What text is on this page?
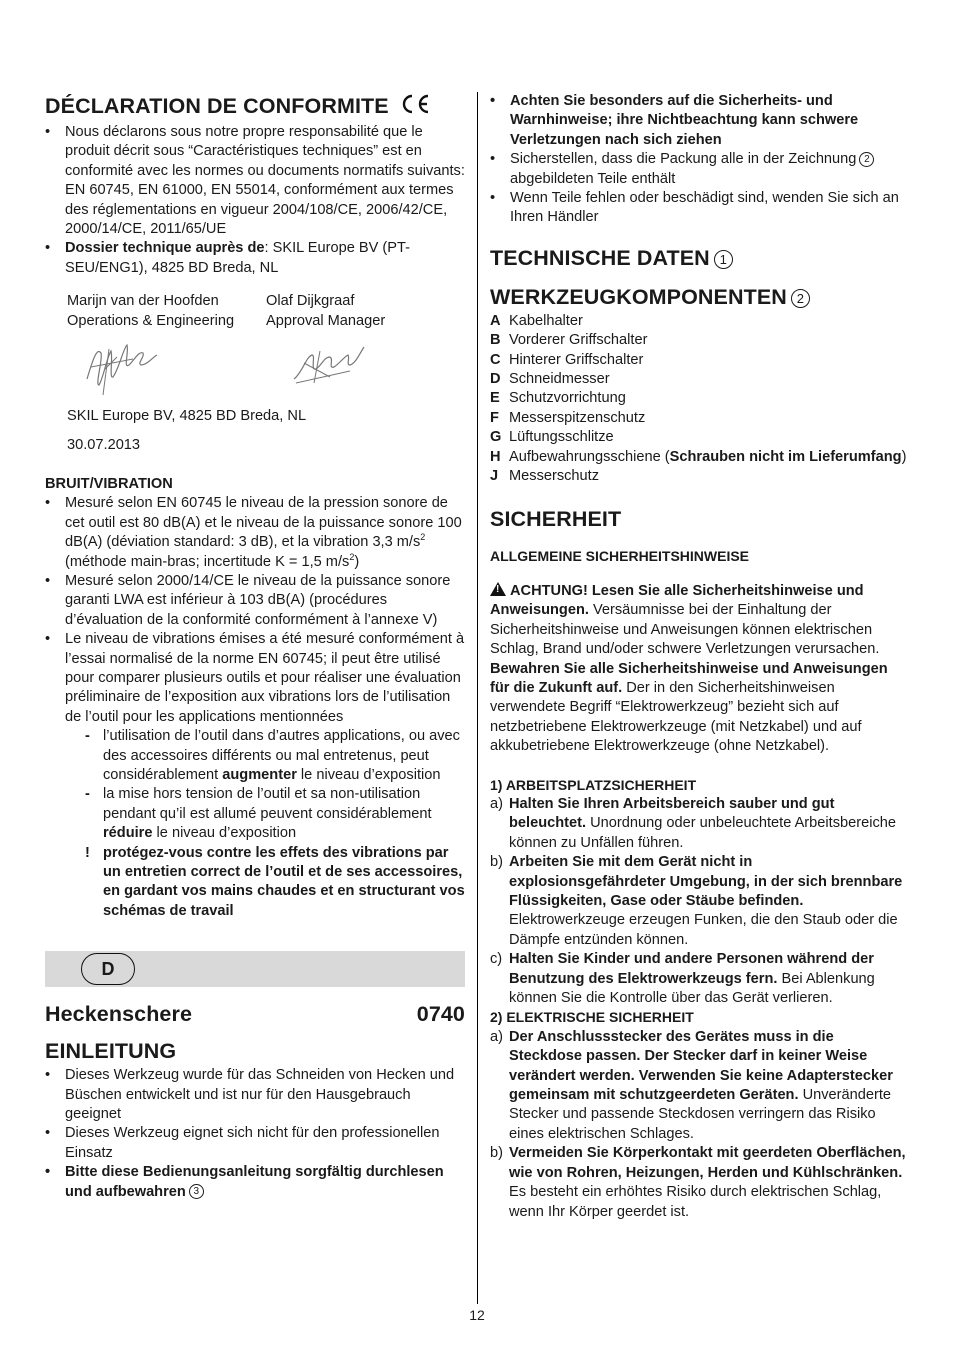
DÉCLARATION DE CONFORMITE
• Nous déclarons sous notre propre responsabilité que le produit décrit sous “Caractéristiques techniques” est en conformité avec les normes ou documents normatifs suivants: EN 60745, EN 61000, EN 55014, conformément aux termes des réglementations en vigueur 2004/108/CE, 2006/42/CE, 2000/14/CE, 2011/65/UE
• Dossier technique auprès de: SKIL Europe BV (PT-SEU/ENG1), 4825 BD Breda, NL

Marijn van der Hoofden

Operations & Engineering

Olaf Dijkgraaf

Approval Manager

SKIL Europe BV, 4825 BD Breda, NL

30.07.2013

BRUIT/VIBRATION
• Mesuré selon EN 60745 le niveau de la pression sonore de cet outil est 80 dB(A) et le niveau de la puissance sonore 100 dB(A) (déviation standard: 3 dB), et la vibration 3,3 $m/s^2$ (méthode main-bras; incertitude K = 1,5 $m/s^2$)
• Mesuré selon 2000/14/CE le niveau de la puissance sonore garanti LWA est inférieur à 103 dB(A) (procédures d’évaluation de la conformité conformément à l’annexe V)
• Le niveau de vibrations émises a été mesuré conformément à l’essai normalisé de la norme EN 60745; il peut être utilisé pour comparer plusieurs outils et pour réaliser une évaluation préliminaire de l’exposition aux vibrations lors de l’utilisation de l’outil pour les applications mentionnées
- l’utilisation de l’outil dans d’autres applications, ou avec des accessoires différents ou mal entretenus, peut considérablement augmenter le niveau d’exposition
- la mise hors tension de l’outil et sa non-utilisation pendant qu’il est allumé peuvent considérablement réduire le niveau d’exposition
! protégez-vous contre les effets des vibrations par un entretien correct de l’outil et de ses accessoires, en gardant vos mains chaudes et en structurant vos schémas de travail
D
Heckenschere	0740
EINLEITUNG
• Dieses Werkzeug wurde für das Schneiden von Hecken und Büschen entwickelt und ist nur für den Hausgebrauch geeignet
• Dieses Werkzeug eignet sich nicht für den professionellen Einsatz
• Bitte diese Bedienungsanleitung sorgfältig durchlesen und aufbewahren 3
• Achten Sie besonders auf die Sicherheits- und Warnhinweise; ihre Nichtbeachtung kann schwere Verletzungen nach sich ziehen
• Sicherstellen, dass die Packung alle in der Zeichnung 2 abgebildeten Teile enthält
• Wenn Teile fehlen oder beschädigt sind, wenden Sie sich an Ihren Händler
TECHNISCHE DATEN 1
WERKZEUGKOMPONENTEN 2
A Kabelhalter
B Vorderer Griffschalter
C Hinterer Griffschalter
D Schneidmesser
E Schutzvorrichtung
F Messerspitzenschutz
G Lüftungsschlitze
H Aufbewahrungsschiene (Schrauben nicht im Lieferumfang)
J Messerschutz
SICHERHEIT
ALLGEMEINE SICHERHEITSHINWEISE

!ACHTUNG! Lesen Sie alle Sicherheitshinweise und Anweisungen. Versäumnisse bei der Einhaltung der Sicherheitshinweise und Anweisungen können elektrischen Schlag, Brand und/oder schwere Verletzungen verursachen. Bewahren Sie alle Sicherheitshinweise und Anweisungen für die Zukunft auf. Der in den Sicherheitshinweisen verwendete Begriff “Elektrowerkzeug” bezieht sich auf netzbetriebene Elektrowerkzeuge (mit Netzkabel) und auf akkubetriebene Elektrowerkzeuge (ohne Netzkabel).

1) ARBEITSPLATZSICHERHEIT
a) Halten Sie Ihren Arbeitsbereich sauber und gut beleuchtet. Unordnung oder unbeleuchtete Arbeitsbereiche können zu Unfällen führen.
b) Arbeiten Sie mit dem Gerät nicht in explosionsgefährdeter Umgebung, in der sich brennbare Flüssigkeiten, Gase oder Stäube befinden. Elektrowerkzeuge erzeugen Funken, die den Staub oder die Dämpfe entzünden können.
c) Halten Sie Kinder und andere Personen während der Benutzung des Elektrowerkzeugs fern. Bei Ablenkung können Sie die Kontrolle über das Gerät verlieren.
2) ELEKTRISCHE SICHERHEIT
a) Der Anschlussstecker des Gerätes muss in die Steckdose passen. Der Stecker darf in keiner Weise verändert werden. Verwenden Sie keine Adapterstecker gemeinsam mit schutzgeerdeten Geräten. Unveränderte Stecker und passende Steckdosen verringern das Risiko eines elektrischen Schlages.
b) Vermeiden Sie Körperkontakt mit geerdeten Oberflächen, wie von Rohren, Heizungen, Herden und Kühlschränken. Es besteht ein erhöhtes Risiko durch elektrischen Schlag, wenn Ihr Körper geerdet ist.
12
